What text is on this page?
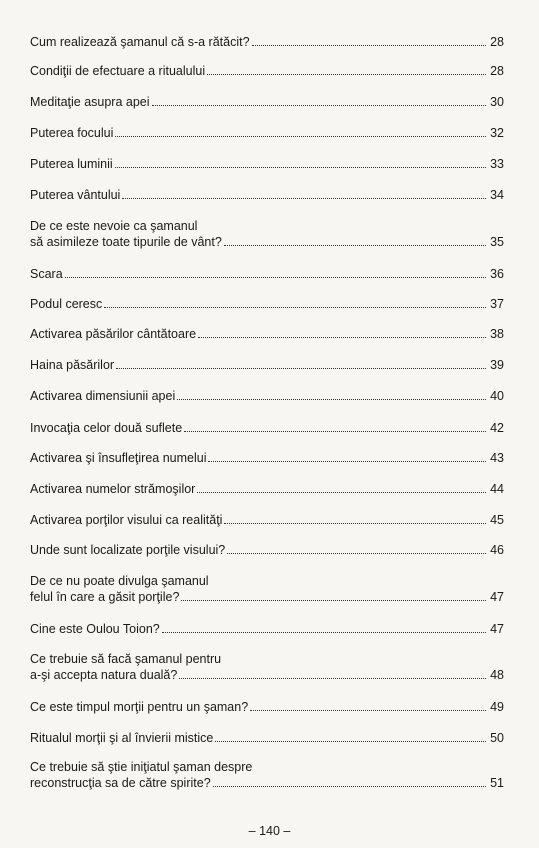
Cum realizează şamanul că s-a rătăcit?	28
Condiţii de efectuare a ritualului	28
Meditaţie asupra apei	30
Puterea focului	32
Puterea luminii	33
Puterea vântului	34
De ce este nevoie ca şamanul
să asimileze toate tipurile de vânt?	35
Scara	36
Podul ceresc	37
Activarea păsărilor cântătoare	38
Haina păsărilor	39
Activarea dimensiunii apei	40
Invocaţia celor două suflete	42
Activarea şi însufleţirea numelui	43
Activarea numelor strămoşilor	44
Activarea porţilor visului ca realităţi	45
Unde sunt localizate porţile visului?	46
De ce nu poate divulga şamanul
felul în care a găsit porţile?	47
Cine este Oulou Toion?	47
Ce trebuie să facă şamanul pentru
a-şi accepta natura duală?	48
Ce este timpul morţii pentru un şaman?	49
Ritualul morţii şi al învierii mistice	50
Ce trebuie să ştie iniţiatul şaman despre
reconstrucţia sa de către spirite?	51
– 140 –
